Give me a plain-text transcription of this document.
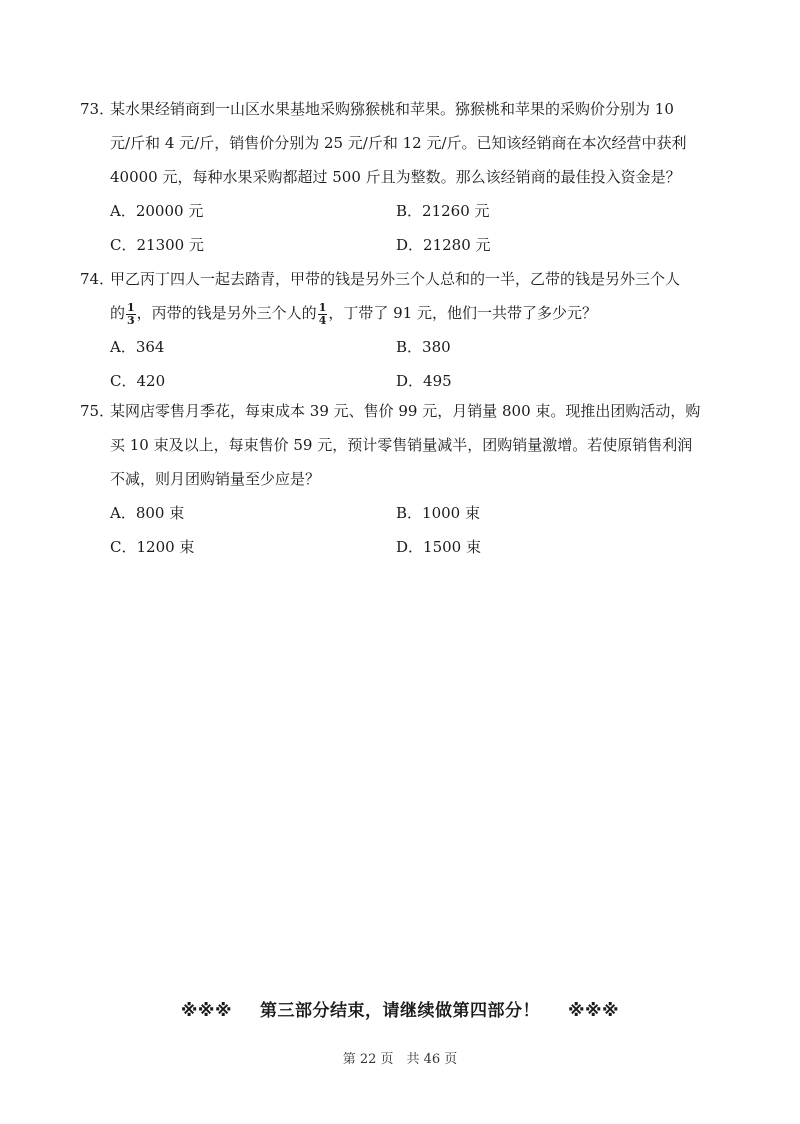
73．某水果经销商到一山区水果基地采购猕猴桃和苹果。猕猴桃和苹果的采购价分别为 10
元/斤和 4 元/斤，销售价分别为 25 元/斤和 12 元/斤。已知该经销商在本次经营中获利
40000 元，每种水果采购都超过 500 斤且为整数。那么该经销商的最佳投入资金是？
A．20000 元	B．21260 元
C．21300 元	D．21280 元
74．甲乙丙丁四人一起去踏青，甲带的钱是另外三个人总和的一半，乙带的钱是另外三个人
的 $\frac{1}{3}$ ，丙带的钱是另外三个人的 $\frac{1}{4}$ ，丁带了 91 元，他们一共带了多少元？
A．364	B．380
C．420	D．495
75．某网店零售月季花，每束成本 39 元、售价 99 元，月销量 800 束。现推出团购活动，购
买 10 束及以上，每束售价 59 元，预计零售销量减半，团购销量激增。若使原销售利润
不减，则月团购销量至少应是？
A．800 束	B．1000 束
C．1200 束	D．1500 束
※※※ 第三部分结束，请继续做第四部分！ ※※※
第 22 页　共 46 页
